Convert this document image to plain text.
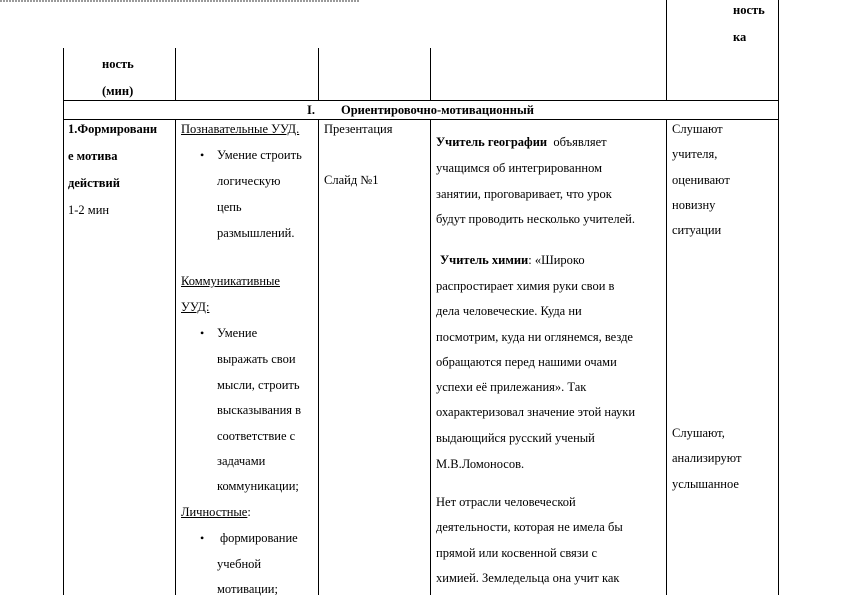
ность
ка
ность
(мин)
I. Ориентировочно-мотивационный
1.Формировани
е мотива
действий
1-2 мин
Познавательные УУД.
• Умение строить
логическую
цепь
размышлений.
Коммуникативные
УУД:
• Умение
выражать свои
мысли, строить
высказывания в
соответствие с
задачами
коммуникации;
Личностные:
• формирование
учебной
мотивации;
Презентация
Слайд №1
Учитель географии объявляет
учащимся об интегрированном
занятии, проговаривает, что урок
будут проводить несколько учителей.
Учитель химии: «Широко
распростирает химия руки свои в
дела человеческие. Куда ни
посмотрим, куда ни оглянемся, везде
обращаются перед нашими очами
успехи её прилежания». Так
охарактеризовал значение этой науки
выдающийся русский ученый
М.В.Ломоносов.
Нет отрасли человеческой
деятельности, которая не имела бы
прямой или косвенной связи с
химией. Земледельца она учит как
Слушают
учителя,
оценивают
новизну
ситуации
Слушают,
анализируют
услышанное
